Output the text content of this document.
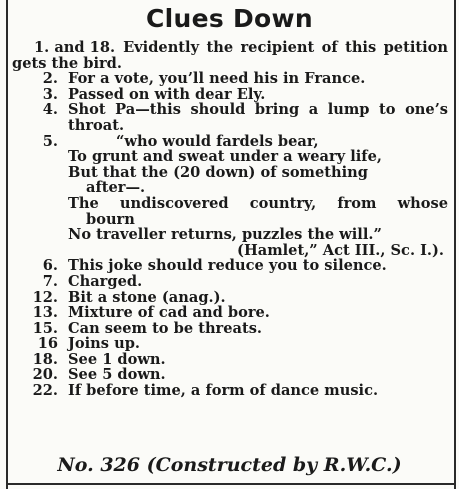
Clues Down
1. and 18. Evidently the recipient of this petition gets the bird.
2. For a vote, you’ll need his in France.
3. Passed on with dear Ely.
4. Shot Pa—this should bring a lump to one’s throat.
5.	“who would fardels bear,
To grunt and sweat under a weary life,
But that the (20 down) of something
after—.
The undiscovered country, from whose
bourn
No traveller returns, puzzles the will.”
(Hamlet,” Act III., Sc. I.).
6. This joke should reduce you to silence.
7. Charged.
12. Bit a stone (anag.).
13. Mixture of cad and bore.
15. Can seem to be threats.
16 Joins up.
18. See 1 down.
20. See 5 down.
22. If before time, a form of dance music.
No. 326 (Constructed by R.W.C.)
